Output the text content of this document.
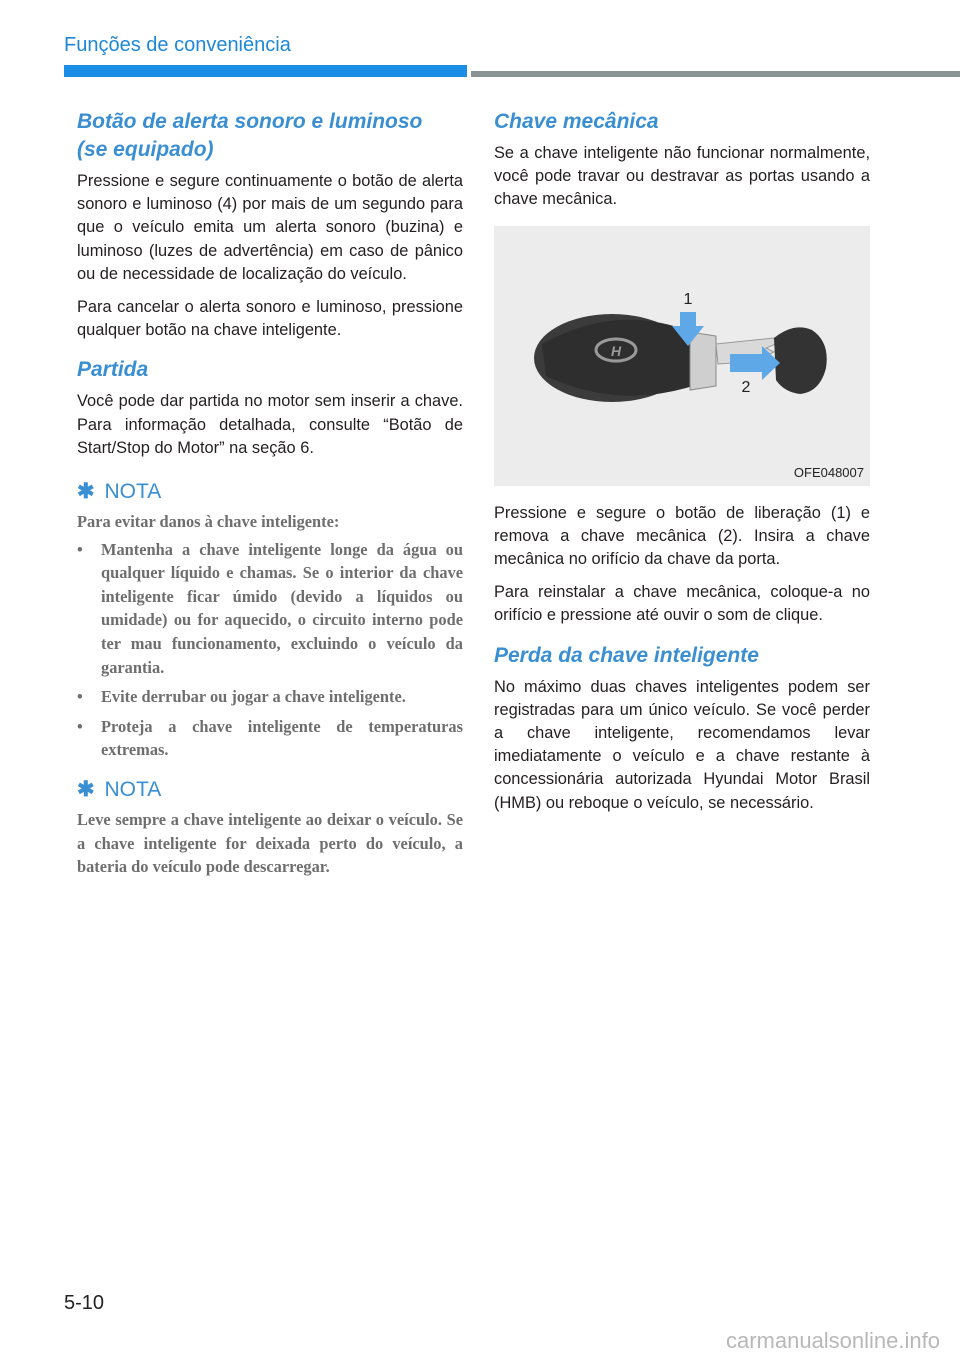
Funções de conveniência
Botão de alerta sonoro e luminoso
(se equipado)

Pressione e segure continuamente o botão de alerta sonoro e luminoso (4) por mais de um segundo para que o veículo emita um alerta sonoro (buzina) e luminoso (luzes de advertência) em caso de pânico ou de necessidade de localização do veículo.

Para cancelar o alerta sonoro e luminoso, pressione qualquer botão na chave inteligente.

Partida

Você pode dar partida no motor sem inserir a chave. Para informação detalhada, consulte “Botão de Start/Stop do Motor” na seção 6.

✱ NOTA

Para evitar danos à chave inteligente:

• Mantenha a chave inteligente longe da água ou qualquer líquido e chamas. Se o interior da chave inteligente ficar úmido (devido a líquidos ou umidade) ou for aquecido, o circuito interno pode ter mau funcionamento, excluindo o veículo da garantia.
• Evite derrubar ou jogar a chave inteligente.
• Proteja a chave inteligente de temperaturas extremas.
✱ NOTA

Leve sempre a chave inteligente ao deixar o veículo. Se a chave inteligente for deixada perto do veículo, a bateria do veículo pode descarregar.

Chave mecânica

Se a chave inteligente não funcionar normalmente, você pode travar ou destravar as portas usando a chave mecânica.

H
1
2
OFE048007

Pressione e segure o botão de liberação (1) e remova a chave mecânica (2). Insira a chave mecânica no orifício da chave da porta.

Para reinstalar a chave mecânica, coloque-a no orifício e pressione até ouvir o som de clique.

Perda da chave inteligente

No máximo duas chaves inteligentes podem ser registradas para um único veículo. Se você perder a chave inteligente, recomendamos levar imediatamente o veículo e a chave restante à concessionária autorizada Hyundai Motor Brasil (HMB) ou reboque o veículo, se necessário.

5-10
carmanualsonline.info
